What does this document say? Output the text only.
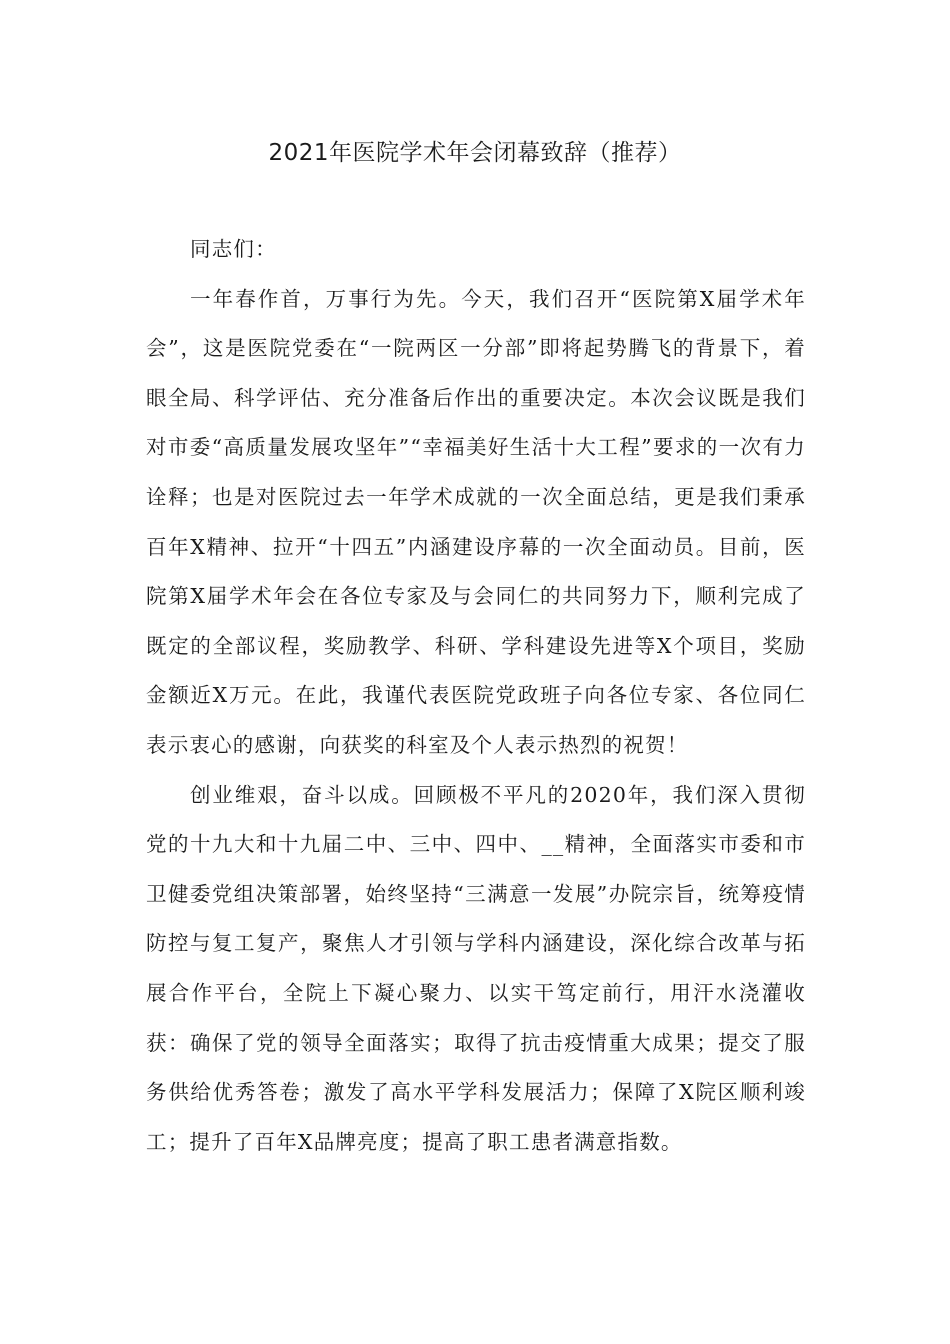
2021年医院学术年会闭幕致辞（推荐）

同志们：

一年春作首，万事行为先。今天，我们召开“医院第X届学术年会”，这是医院党委在“一院两区一分部”即将起势腾飞的背景下，着眼全局、科学评估、充分准备后作出的重要决定。本次会议既是我们对市委“高质量发展攻坚年”“幸福美好生活十大工程”要求的一次有力诠释；也是对医院过去一年学术成就的一次全面总结，更是我们秉承百年X精神、拉开“十四五”内涵建设序幕的一次全面动员。目前，医院第X届学术年会在各位专家及与会同仁的共同努力下，顺利完成了既定的全部议程，奖励教学、科研、学科建设先进等X个项目，奖励金额近X万元。在此，我谨代表医院党政班子向各位专家、各位同仁表示衷心的感谢，向获奖的科室及个人表示热烈的祝贺！

创业维艰，奋斗以成。回顾极不平凡的2020年，我们深入贯彻党的十九大和十九届二中、三中、四中、__精神，全面落实市委和市卫健委党组决策部署，始终坚持“三满意一发展”办院宗旨，统筹疫情防控与复工复产，聚焦人才引领与学科内涵建设，深化综合改革与拓展合作平台，全院上下凝心聚力、以实干笃定前行，用汗水浇灌收获：确保了党的领导全面落实；取得了抗击疫情重大成果；提交了服务供给优秀答卷；激发了高水平学科发展活力；保障了X院区顺利竣工；提升了百年X品牌亮度；提高了职工患者满意指数。
